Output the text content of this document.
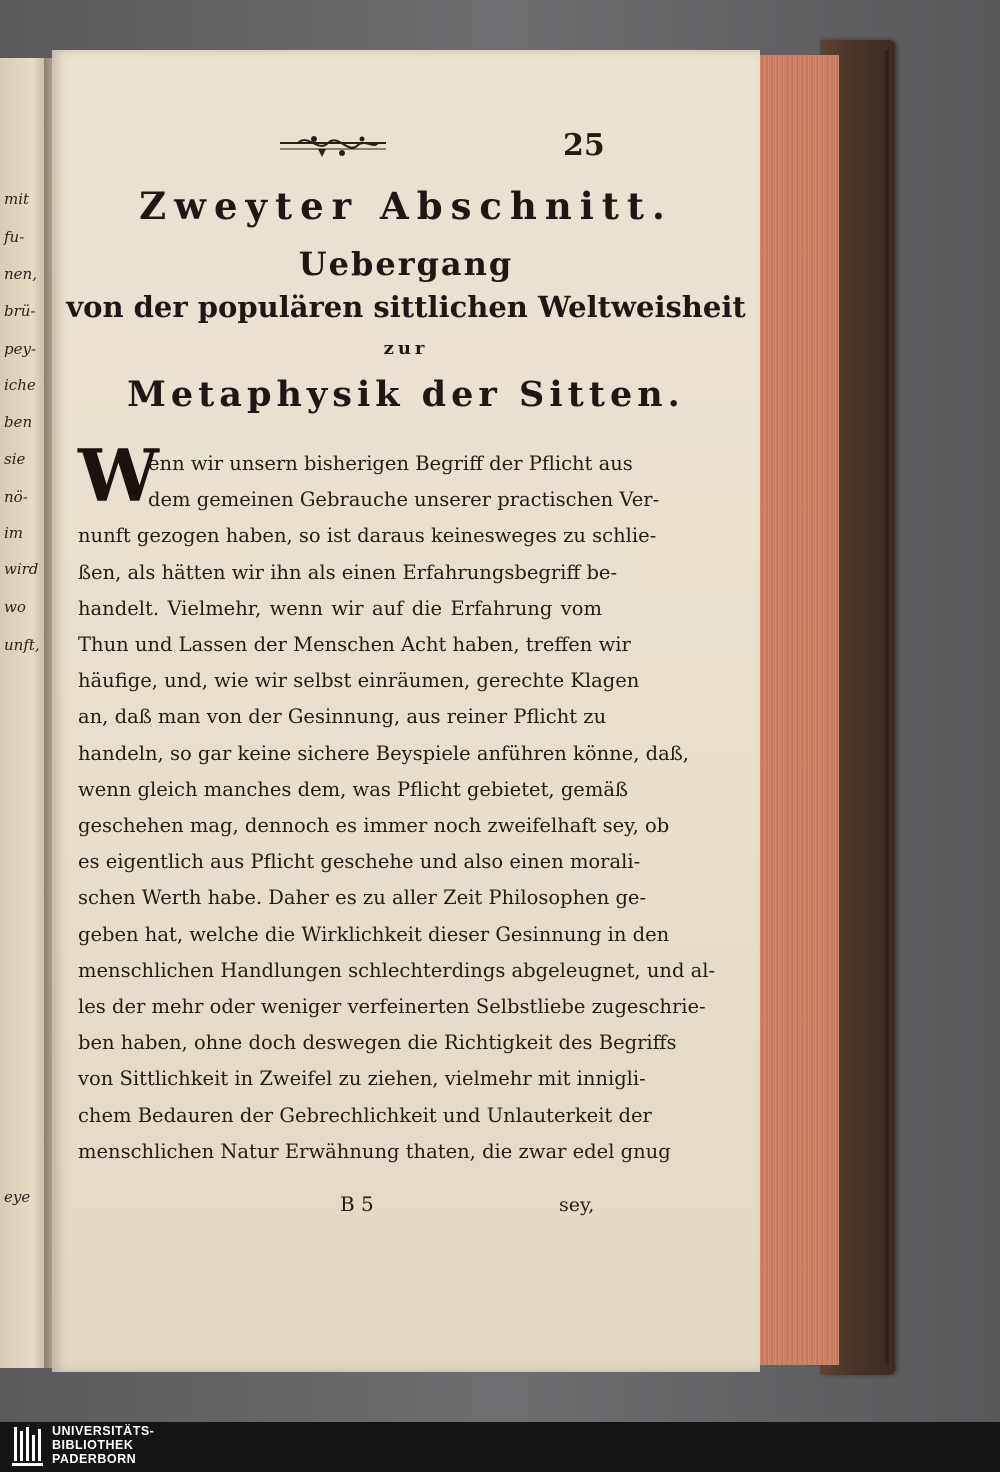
mit
fu-
nen,
brü-
pey-
iche
ben
sie
nö-
im
wird
wo
unft,
eye
25
Zweyter Abschnitt.
Uebergang
von der populären sittlichen Weltweisheit
zur
Metaphysik der Sitten.
W
enn wir unsern bisherigen Begriff der Pflicht aus
dem gemeinen Gebrauche unserer practischen Ver-
nunft gezogen haben, so ist daraus keinesweges zu schlie-
ßen, als hätten wir ihn als einen Erfahrungsbegriff be-
handelt. Vielmehr, wenn wir auf die Erfahrung vom
Thun und Lassen der Menschen Acht haben, treffen wir
häufige, und, wie wir selbst einräumen, gerechte Klagen
an, daß man von der Gesinnung, aus reiner Pflicht zu
handeln, so gar keine sichere Beyspiele anführen könne, daß,
wenn gleich manches dem, was Pflicht gebietet, gemäß
geschehen mag, dennoch es immer noch zweifelhaft sey, ob
es eigentlich aus Pflicht geschehe und also einen morali-
schen Werth habe. Daher es zu aller Zeit Philosophen ge-
geben hat, welche die Wirklichkeit dieser Gesinnung in den
menschlichen Handlungen schlechterdings abgeleugnet, und al-
les der mehr oder weniger verfeinerten Selbstliebe zugeschrie-
ben haben, ohne doch deswegen die Richtigkeit des Begriffs
von Sittlichkeit in Zweifel zu ziehen, vielmehr mit innigli-
chem Bedauren der Gebrechlichkeit und Unlauterkeit der
menschlichen Natur Erwähnung thaten, die zwar edel gnug
B 5	sey,
UNIVERSITÄTS-
BIBLIOTHEK
PADERBORN
